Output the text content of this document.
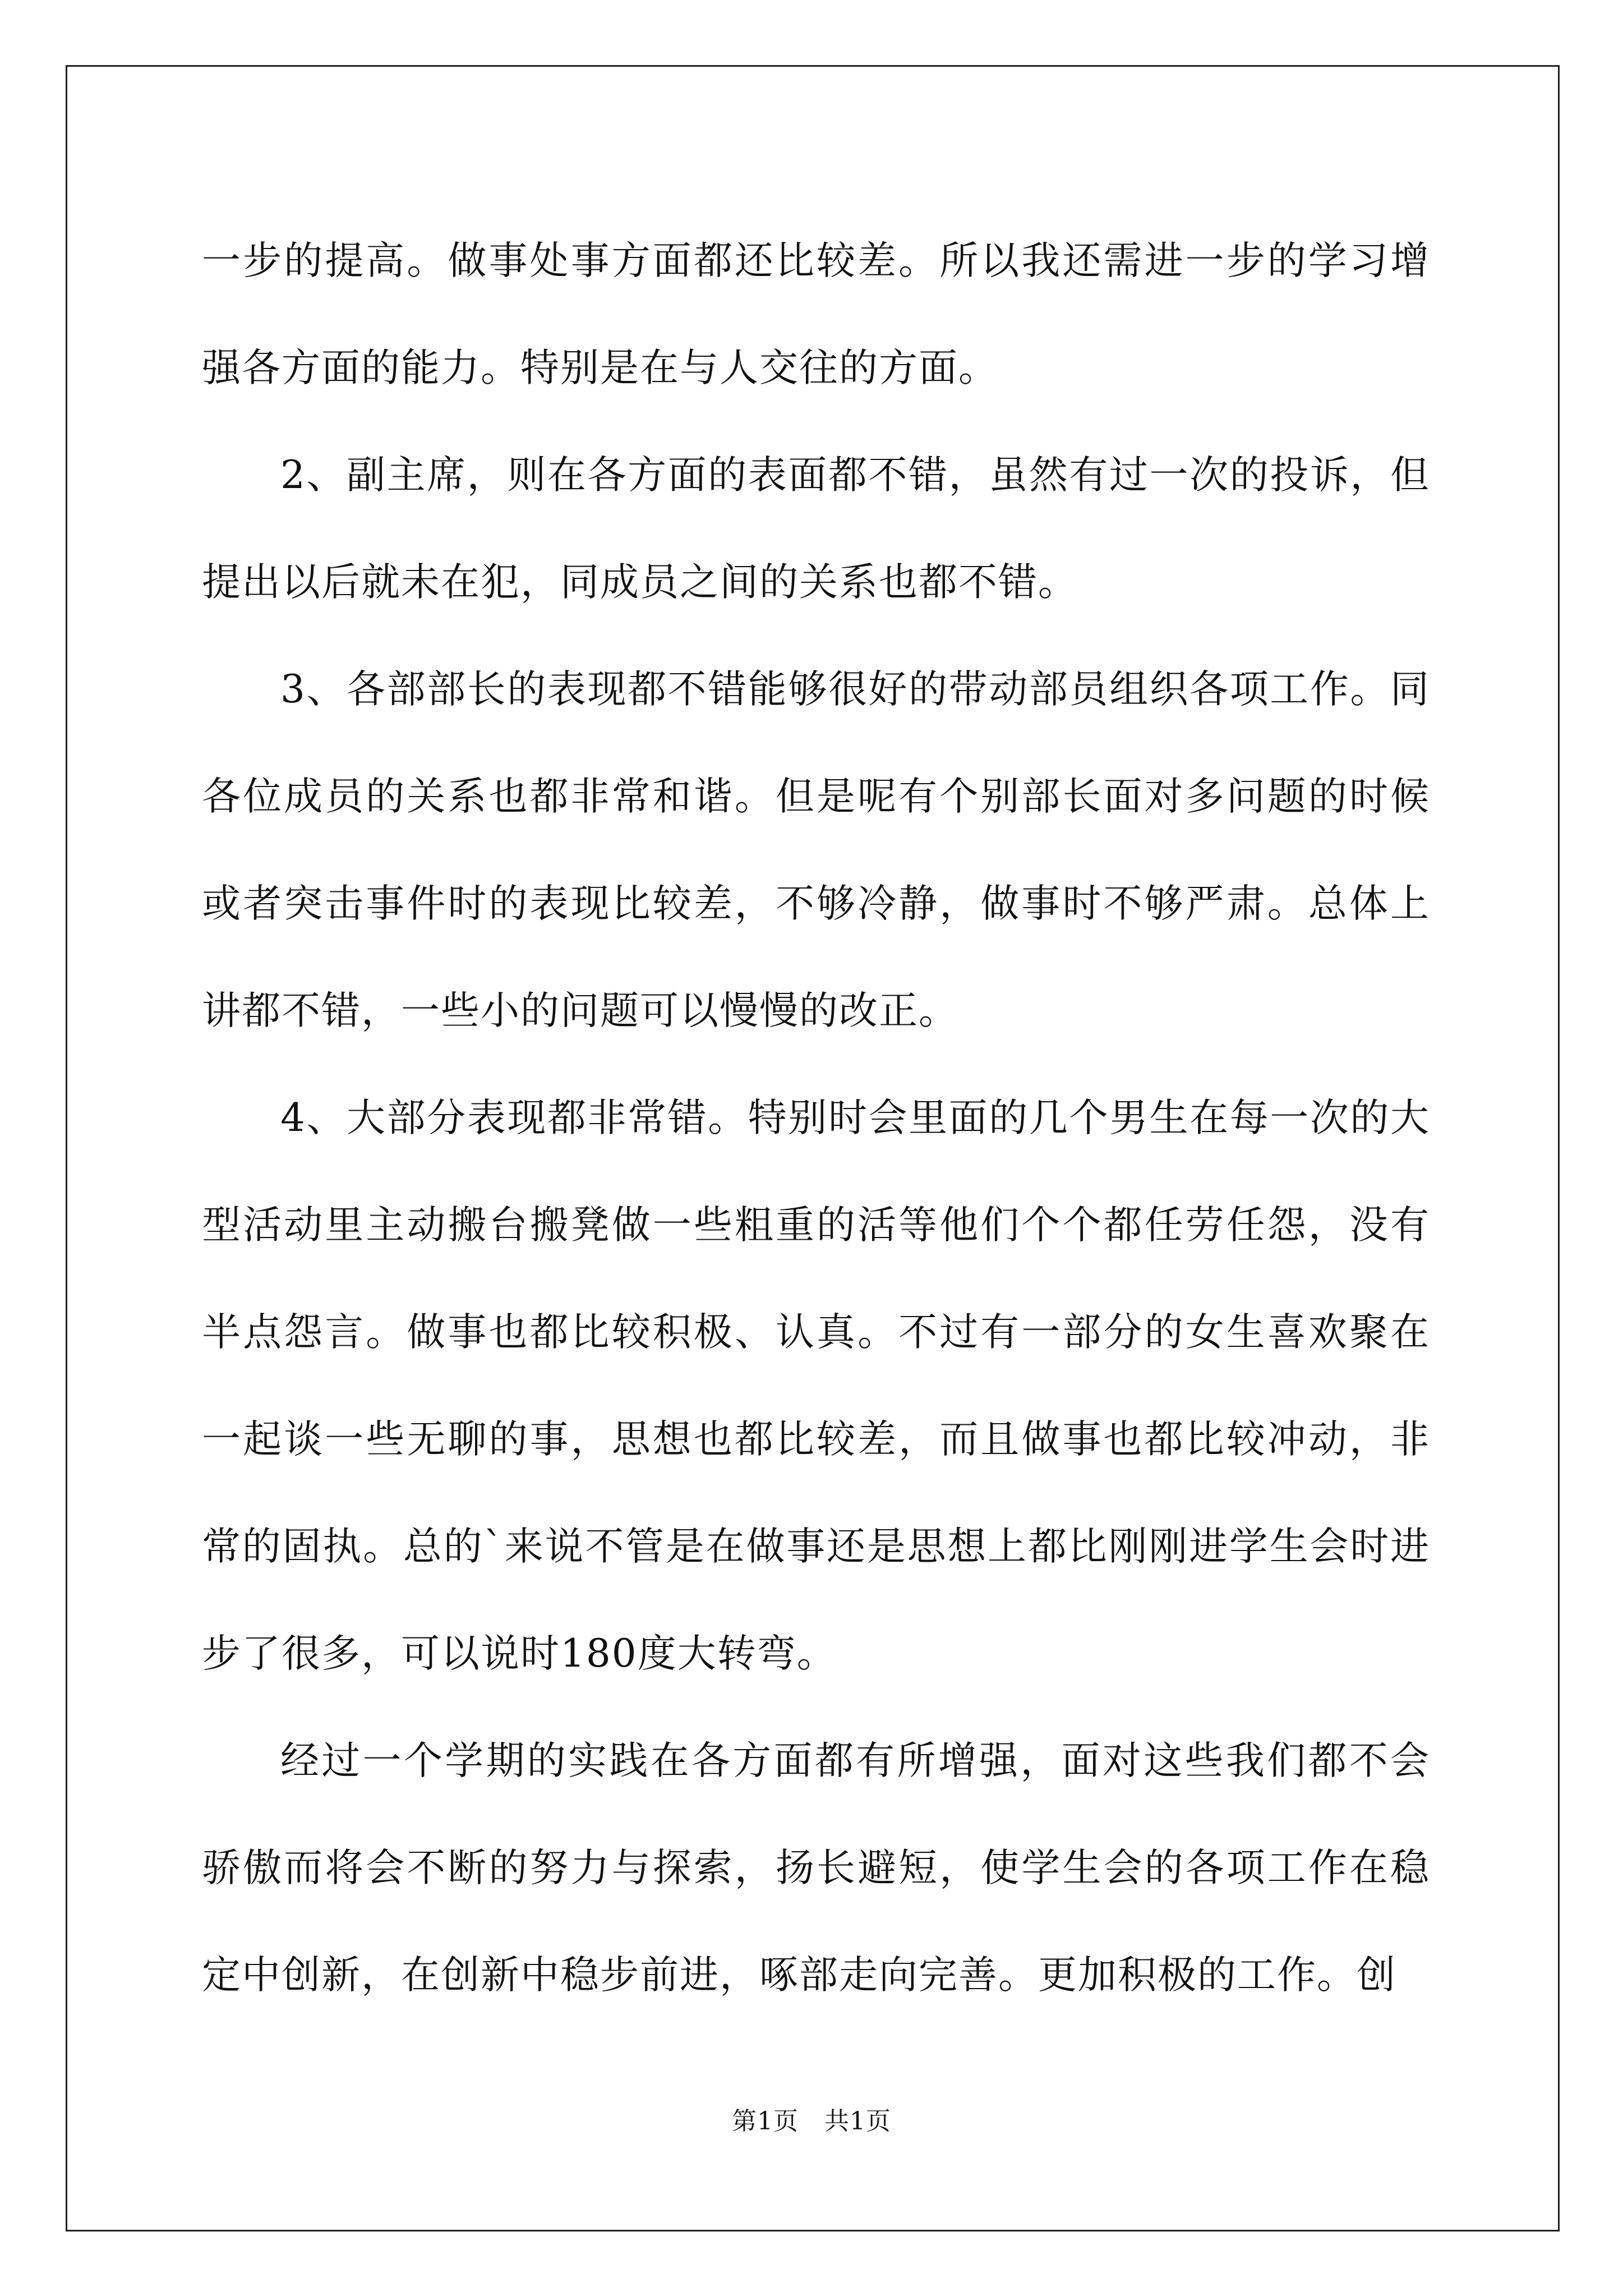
一步的提高。做事处事方面都还比较差。所以我还需进一步的学习增强各方面的能力。特别是在与人交往的方面。

2、副主席，则在各方面的表面都不错，虽然有过一次的投诉，但提出以后就未在犯，同成员之间的关系也都不错。

3、各部部长的表现都不错能够很好的带动部员组织各项工作。同各位成员的关系也都非常和谐。但是呢有个别部长面对多问题的时候或者突击事件时的表现比较差，不够冷静，做事时不够严肃。总体上讲都不错，一些小的问题可以慢慢的改正。

4、大部分表现都非常错。特别时会里面的几个男生在每一次的大型活动里主动搬台搬凳做一些粗重的活等他们个个都任劳任怨，没有半点怨言。做事也都比较积极、认真。不过有一部分的女生喜欢聚在一起谈一些无聊的事，思想也都比较差，而且做事也都比较冲动，非常的固执。总的`来说不管是在做事还是思想上都比刚刚进学生会时进步了很多，可以说时180度大转弯。

经过一个学期的实践在各方面都有所增强，面对这些我们都不会骄傲而将会不断的努力与探索，扬长避短，使学生会的各项工作在稳定中创新，在创新中稳步前进，啄部走向完善。更加积极的工作。创

第1页 共1页
